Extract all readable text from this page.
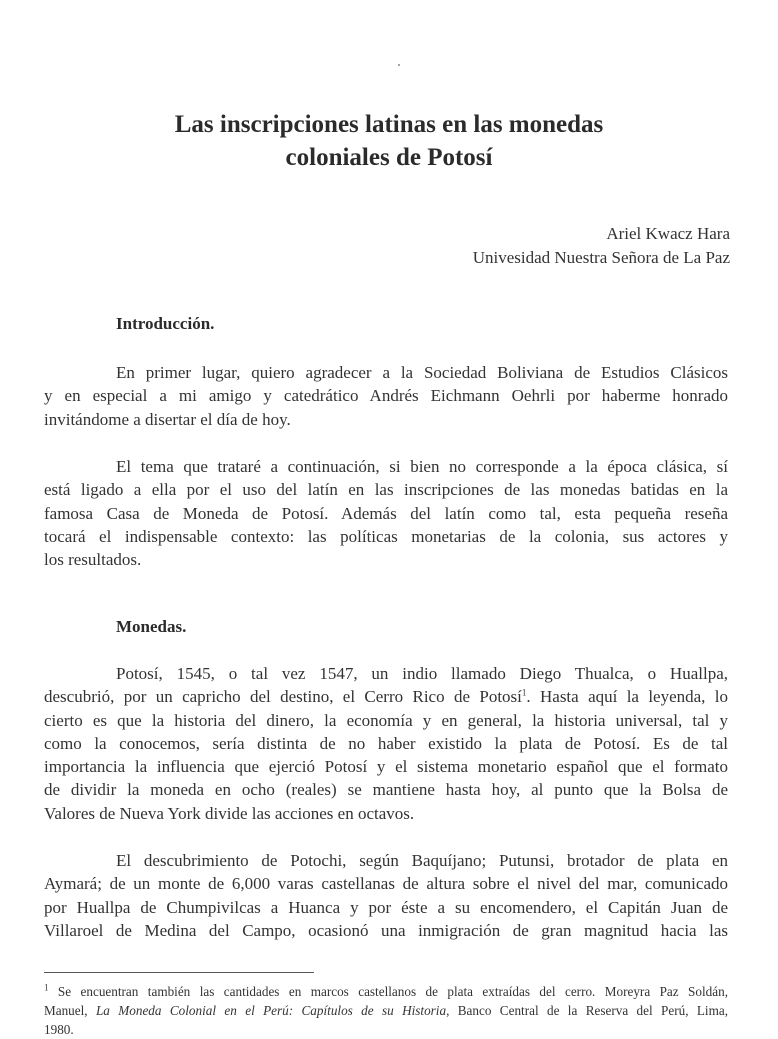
Las inscripciones latinas en las monedas
coloniales de Potosí
Ariel Kwacz Hara
Univesidad Nuestra Señora de La Paz
Introducción.

En primer lugar, quiero agradecer a la Sociedad Boliviana de Estudios Clásicos
y en especial a mi amigo y catedrático Andrés Eichmann Oehrli por haberme honrado
invitándome a disertar el día de hoy.

El tema que trataré a continuación, si bien no corresponde a la época clásica, sí
está ligado a ella por el uso del latín en las inscripciones de las monedas batidas en la
famosa Casa de Moneda de Potosí. Además del latín como tal, esta pequeña reseña
tocará el indispensable contexto: las políticas monetarias de la colonia, sus actores y
los resultados.

Monedas.

Potosí, 1545, o tal vez 1547, un indio llamado Diego Thualca, o Huallpa,
descubrió, por un capricho del destino, el Cerro Rico de Potosí$^1$. Hasta aquí la leyenda, lo
cierto es que la historia del dinero, la economía y en general, la historia universal, tal y
como la conocemos, sería distinta de no haber existido la plata de Potosí. Es de tal
importancia la influencia que ejerció Potosí y el sistema monetario español que el formato
de dividir la moneda en ocho (reales) se mantiene hasta hoy, al punto que la Bolsa de
Valores de Nueva York divide las acciones en octavos.

El descubrimiento de Potochi, según Baquíjano; Putunsi, brotador de plata en
Aymará; de un monte de 6,000 varas castellanas de altura sobre el nivel del mar, comunicado
por Huallpa de Chumpivilcas a Huanca y por éste a su encomendero, el Capitán Juan de
Villaroel de Medina del Campo, ocasionó una inmigración de gran magnitud hacia las

$^1$ Se encuentran también las cantidades en marcos castellanos de plata extraídas del cerro. Moreyra Paz Soldán,
Manuel, La Moneda Colonial en el Perú: Capítulos de su Historia, Banco Central de la Reserva del Perú, Lima,
1980.
